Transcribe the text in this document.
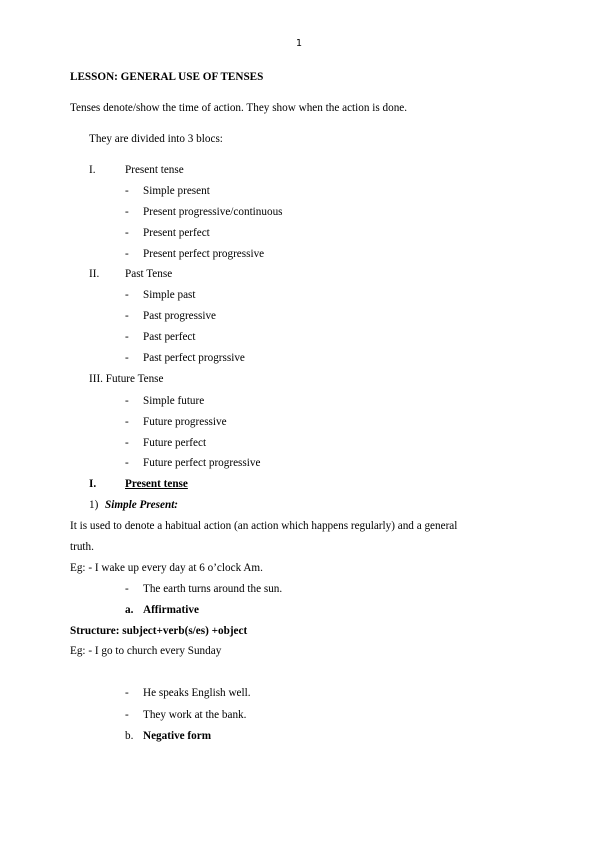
1
LESSON: GENERAL USE OF TENSES
Tenses denote/show the time of action. They show when the action is done.
They are divided into 3 blocs:
I.	Present tense
- Simple present
- Present progressive/continuous
- Present perfect
- Present perfect progressive
II. Past Tense
- Simple past
- Past progressive
- Past perfect
- Past perfect progrssive
III. Future Tense
- Simple future
- Future progressive
- Future perfect
- Future perfect progressive
I.	Present tense
1) Simple Present:
It is used to denote a habitual action (an action which happens regularly) and a general
truth.
Eg: - I wake up every day at 6 o’clock Am.
- The earth turns around the sun.
a. Affirmative
Structure: subject+verb(s/es) +object
Eg: - I go to church every Sunday
- He speaks English well.
- They work at the bank.
b. Negative form
